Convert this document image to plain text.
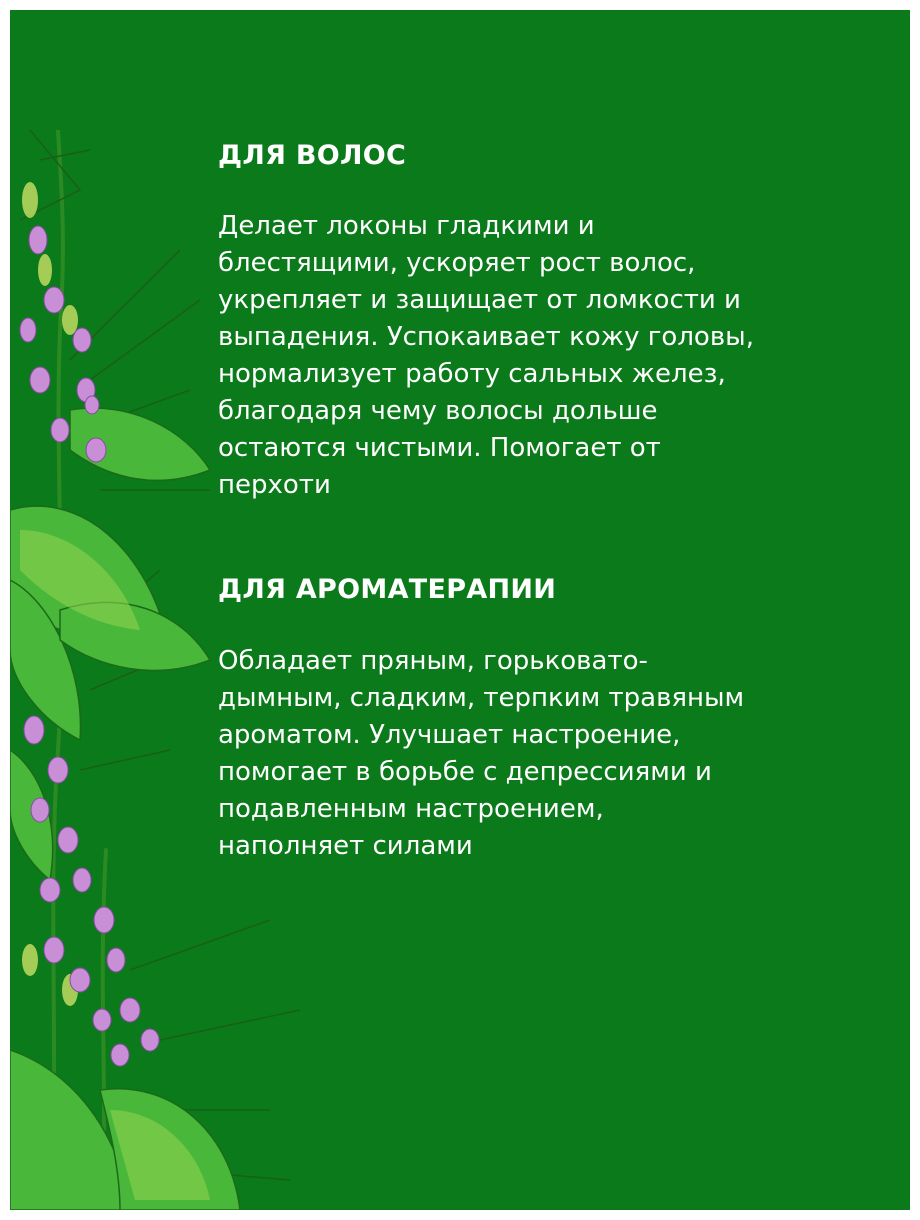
ДЛЯ ВОЛОС

Делает локоны гладкими и

блестящими, ускоряет рост волос,

укрепляет и защищает от ломкости и

выпадения. Успокаивает кожу головы,

нормализует работу сальных желез,

благодаря чему волосы дольше

остаются чистыми. Помогает от

перхоти

ДЛЯ АРОМАТЕРАПИИ

Обладает пряным, горьковато-

дымным, сладким, терпким травяным

ароматом. Улучшает настроение,

помогает в борьбе с депрессиями и

подавленным настроением,

наполняет силами
